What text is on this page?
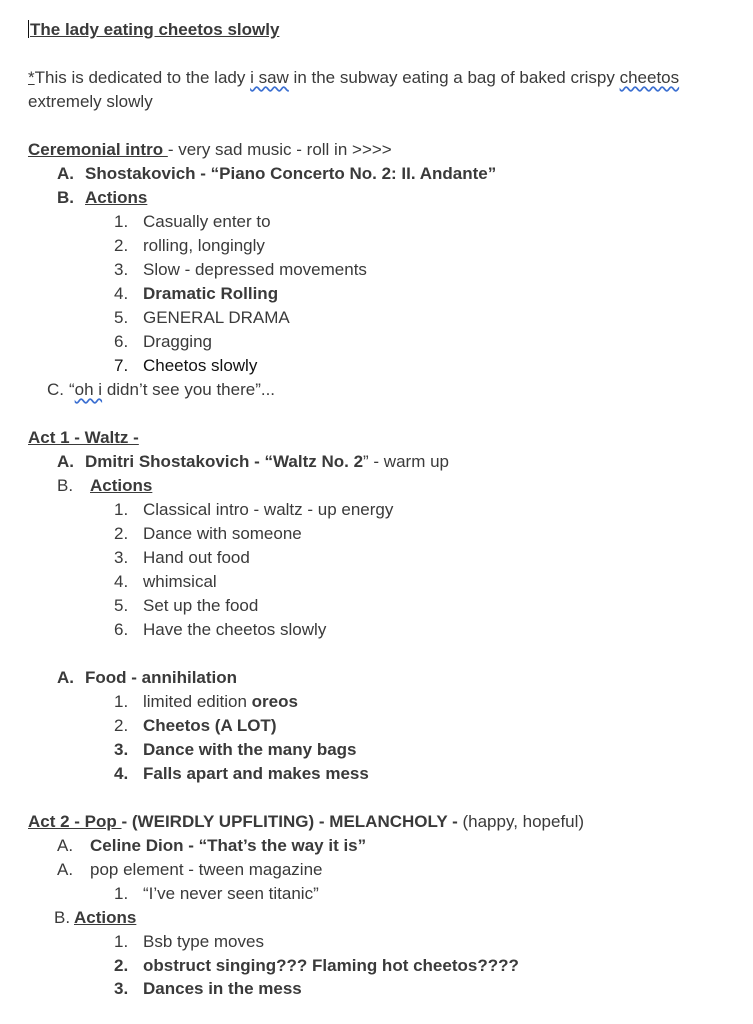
The lady eating cheetos slowly
*This is dedicated to the lady i saw in the subway eating a bag of baked crispy cheetos
extremely slowly
Ceremonial intro - very sad music - roll in >>>>
A. Shostakovich - “Piano Concerto No. 2: II. Andante”
B. Actions
1. Casually enter to
2. rolling, longingly
3. Slow - depressed movements
4. Dramatic Rolling
5. GENERAL DRAMA
6. Dragging
7. Cheetos slowly
C. “oh i didn’t see you there”...
Act 1 - Waltz -
A. Dmitri Shostakovich - “Waltz No. 2” - warm up
B. Actions
1. Classical intro - waltz - up energy
2. Dance with someone
3. Hand out food
4. whimsical
5. Set up the food
6. Have the cheetos slowly
A. Food - annihilation
1. limited edition oreos
2. Cheetos (A LOT)
3. Dance with the many bags
4. Falls apart and makes mess
Act 2 - Pop - (WEIRDLY UPFLITING) - MELANCHOLY - (happy, hopeful)
A. Celine Dion - “That’s the way it is”
A. pop element - tween magazine
1. “I’ve never seen titanic”
B. Actions
1. Bsb type moves
2. obstruct singing??? Flaming hot cheetos????
3. Dances in the mess
